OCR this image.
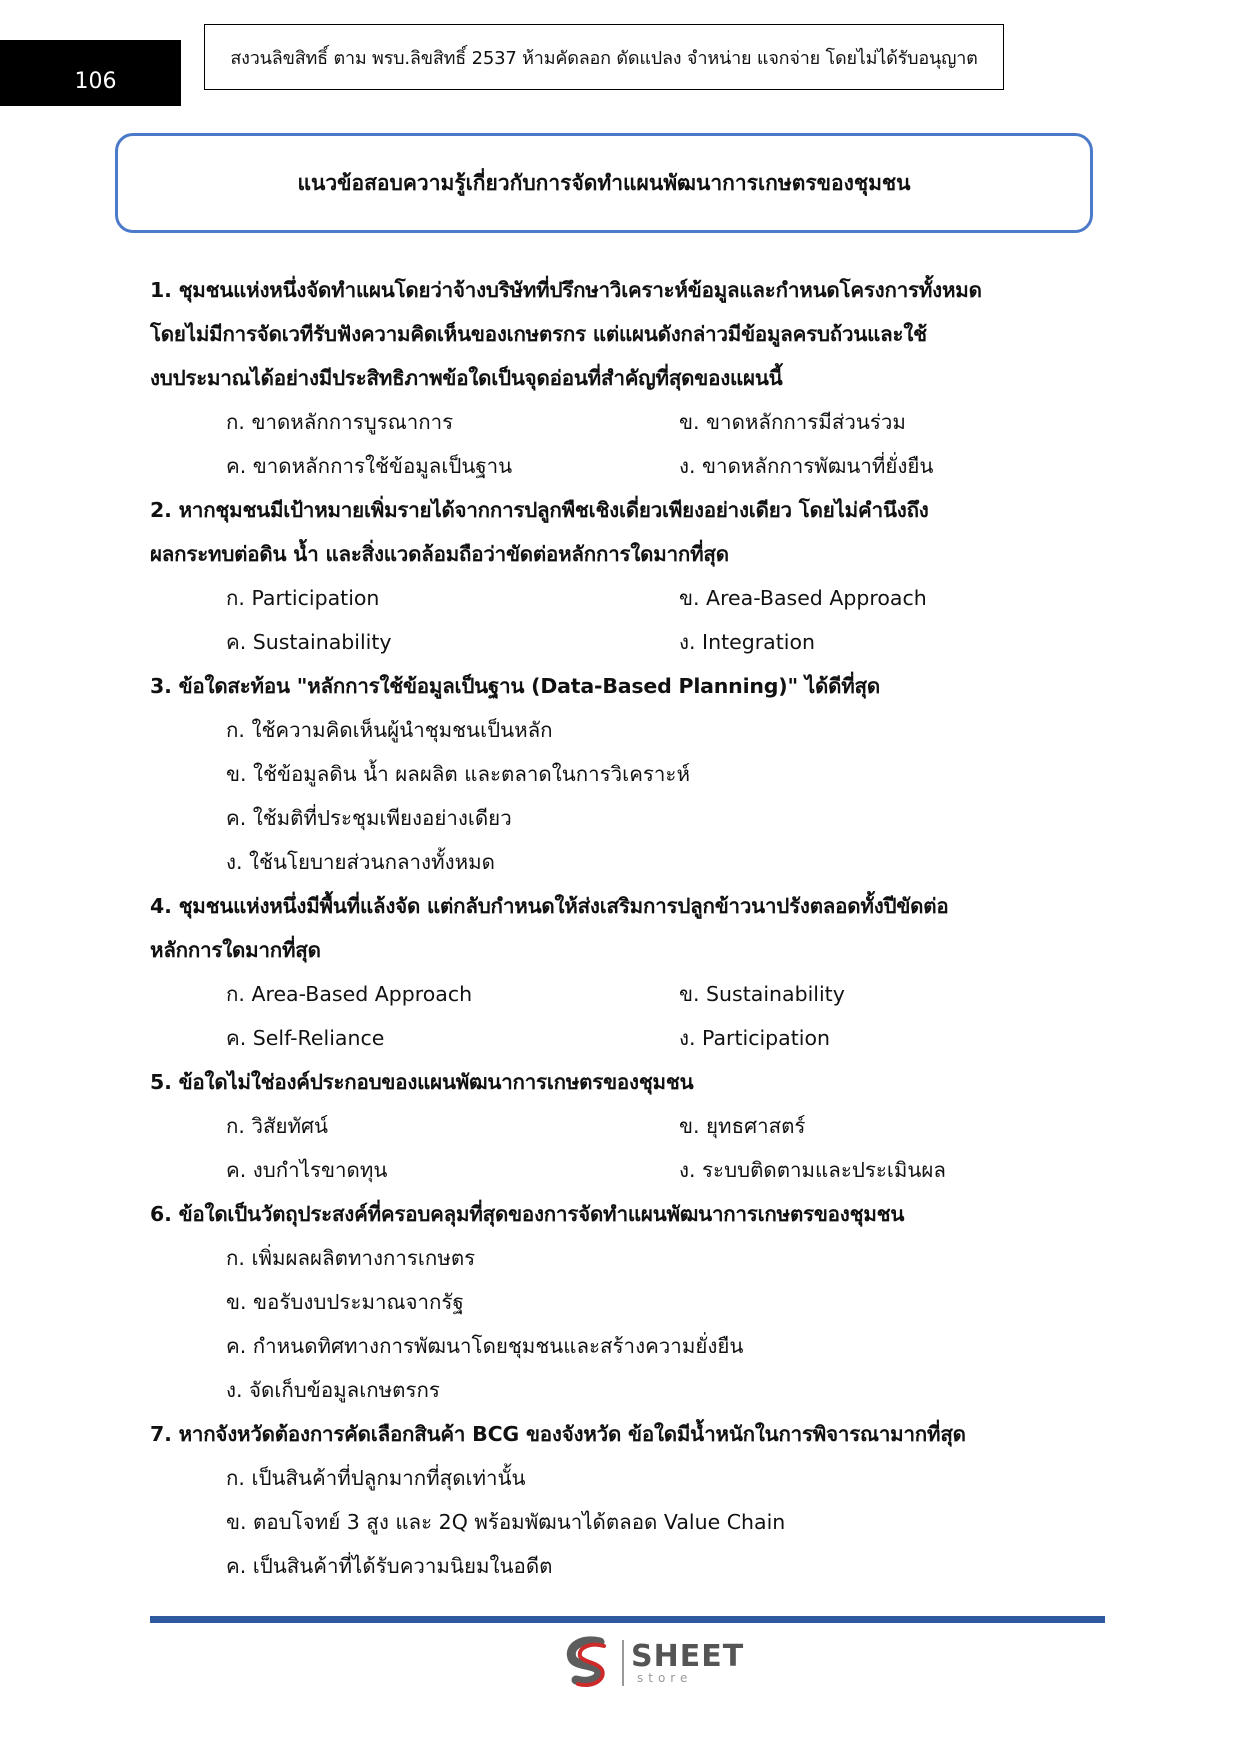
106
สงวนลิขสิทธิ์ ตาม พรบ.ลิขสิทธิ์ 2537 ห้ามคัดลอก ดัดแปลง จำหน่าย แจกจ่าย โดยไม่ได้รับอนุญาต
แนวข้อสอบความรู้เกี่ยวกับการจัดทำแผนพัฒนาการเกษตรของชุมชน
1. ชุมชนแห่งหนึ่งจัดทำแผนโดยว่าจ้างบริษัทที่ปรึกษาวิเคราะห์ข้อมูลและกำหนดโครงการทั้งหมด
โดยไม่มีการจัดเวทีรับฟังความคิดเห็นของเกษตรกร แต่แผนดังกล่าวมีข้อมูลครบถ้วนและใช้
งบประมาณได้อย่างมีประสิทธิภาพข้อใดเป็นจุดอ่อนที่สำคัญที่สุดของแผนนี้
ก. ขาดหลักการบูรณาการ	ข. ขาดหลักการมีส่วนร่วม
ค. ขาดหลักการใช้ข้อมูลเป็นฐาน	ง. ขาดหลักการพัฒนาที่ยั่งยืน
2. หากชุมชนมีเป้าหมายเพิ่มรายได้จากการปลูกพืชเชิงเดี่ยวเพียงอย่างเดียว โดยไม่คำนึงถึง
ผลกระทบต่อดิน น้ำ และสิ่งแวดล้อมถือว่าขัดต่อหลักการใดมากที่สุด
ก. Participation	ข. Area-Based Approach
ค. Sustainability	ง. Integration
3. ข้อใดสะท้อน "หลักการใช้ข้อมูลเป็นฐาน (Data-Based Planning)" ได้ดีที่สุด
ก. ใช้ความคิดเห็นผู้นำชุมชนเป็นหลัก
ข. ใช้ข้อมูลดิน น้ำ ผลผลิต และตลาดในการวิเคราะห์
ค. ใช้มติที่ประชุมเพียงอย่างเดียว
ง. ใช้นโยบายส่วนกลางทั้งหมด
4. ชุมชนแห่งหนึ่งมีพื้นที่แล้งจัด แต่กลับกำหนดให้ส่งเสริมการปลูกข้าวนาปรังตลอดทั้งปีขัดต่อ
หลักการใดมากที่สุด
ก. Area-Based Approach	ข. Sustainability
ค. Self-Reliance	ง. Participation
5. ข้อใดไม่ใช่องค์ประกอบของแผนพัฒนาการเกษตรของชุมชน
ก. วิสัยทัศน์	ข. ยุทธศาสตร์
ค. งบกำไรขาดทุน	ง. ระบบติดตามและประเมินผล
6. ข้อใดเป็นวัตถุประสงค์ที่ครอบคลุมที่สุดของการจัดทำแผนพัฒนาการเกษตรของชุมชน
ก. เพิ่มผลผลิตทางการเกษตร
ข. ขอรับงบประมาณจากรัฐ
ค. กำหนดทิศทางการพัฒนาโดยชุมชนและสร้างความยั่งยืน
ง. จัดเก็บข้อมูลเกษตรกร
7. หากจังหวัดต้องการคัดเลือกสินค้า BCG ของจังหวัด ข้อใดมีน้ำหนักในการพิจารณามากที่สุด
ก. เป็นสินค้าที่ปลูกมากที่สุดเท่านั้น
ข. ตอบโจทย์ 3 สูง และ 2Q พร้อมพัฒนาได้ตลอด Value Chain
ค. เป็นสินค้าที่ได้รับความนิยมในอดีต
SHEET
store
